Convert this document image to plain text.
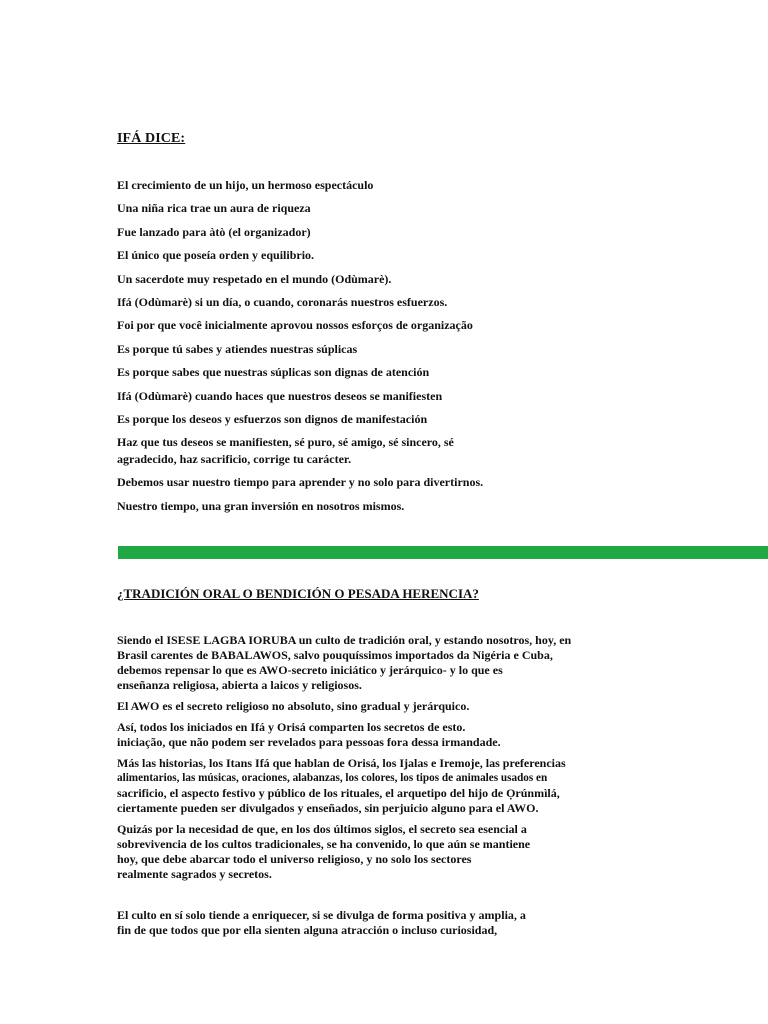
IFÁ DICE:

El crecimiento de un hijo, un hermoso espectáculo

Una niña rica trae un aura de riqueza

Fue lanzado para àtò (el organizador)

El único que poseía orden y equilibrio.

Un sacerdote muy respetado en el mundo (Odùmarè).

Ifá (Odùmarè) si un día, o cuando, coronarás nuestros esfuerzos.

Foi por que você inicialmente aprovou nossos esforços de organização

Es porque tú sabes y atiendes nuestras súplicas

Es porque sabes que nuestras súplicas son dignas de atención

Ifá (Odùmarè) cuando haces que nuestros deseos se manifiesten

Es porque los deseos y esfuerzos son dignos de manifestación

Haz que tus deseos se manifiesten, sé puro, sé amigo, sé sincero, sé
agradecido, haz sacrificio, corrige tu carácter.

Debemos usar nuestro tiempo para aprender y no solo para divertirnos.

Nuestro tiempo, una gran inversión en nosotros mismos.

¿TRADICIÓN ORAL O BENDICIÓN O PESADA HERENCIA?
Siendo el ISESE LAGBA IORUBA un culto de tradición oral, y estando nosotros, hoy, en
Brasil carentes de BABALAWOS, salvo pouquíssimos importados da Nigéria e Cuba,
debemos repensar lo que es AWO-secreto iniciático y jerárquico- y lo que es
enseñanza religiosa, abierta a laicos y religiosos.
El AWO es el secreto religioso no absoluto, sino gradual y jerárquico.
Así, todos los iniciados en Ifá y Orisá comparten los secretos de esto.
iniciação, que não podem ser revelados para pessoas fora dessa irmandade.
Más las historias, los Itans Ifá que hablan de Orisá, los Ijalas e Iremoje, las preferencias
alimentarios, las músicas, oraciones, alabanzas, los colores, los tipos de animales usados en
sacrificio, el aspecto festivo y público de los rituales, el arquetipo del hijo de Ọrúnmìlá,
ciertamente pueden ser divulgados y enseñados, sin perjuicio alguno para el AWO.
Quizás por la necesidad de que, en los dos últimos siglos, el secreto sea esencial a
sobrevivencia de los cultos tradicionales, se ha convenido, lo que aún se mantiene
hoy, que debe abarcar todo el universo religioso, y no solo los sectores
realmente sagrados y secretos.
El culto en sí solo tiende a enriquecer, si se divulga de forma positiva y amplia, a
fin de que todos que por ella sienten alguna atracción o incluso curiosidad,
